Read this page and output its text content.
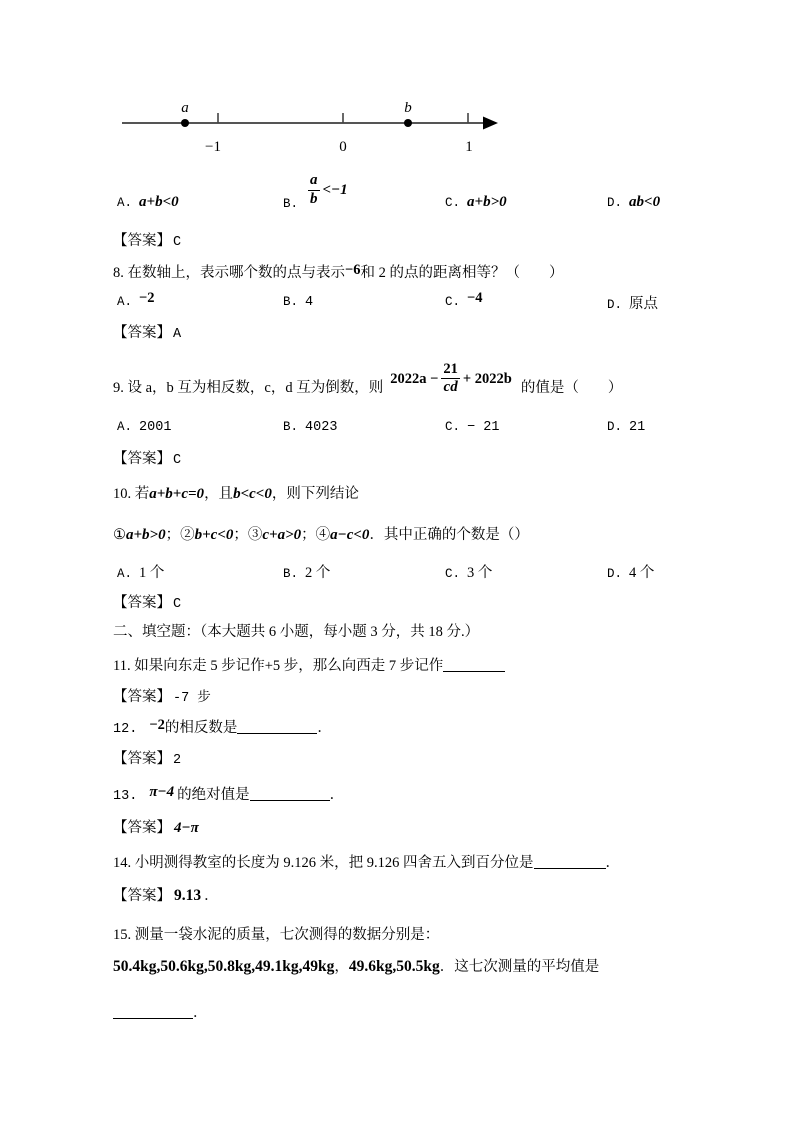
a	b
−1	0	1
A. a+b<0	B. $\frac{a}{b} <-1$
C. a+b>0	D. ab<0
【答案】 C
8. 在数轴上，表示哪个数的点与表示−6和 2 的点的距离相等？（　　）
A. −2	B. 4	C. −4	D. 原点
【答案】 A
9. 设 a，b 互为相反数，c，d 互为倒数，则
$2022a - \frac{21}{cd} + 2022b$
的值是（　　）
A. 2001	B. 4023	C. − 21	D. 21
【答案】 C
10. 若a+b+c=0，且b<c<0，则下列结论
①a+b>0；②b+c<0；③c+a>0；④a−c<0．其中正确的个数是（）
A. 1 个	B. 2 个	C. 3 个	D. 4 个
【答案】 C
二、填空题：（本大题共 6 小题，每小题 3 分，共 18 分.）
11. 如果向东走 5 步记作+5 步，那么向西走 7 步记作
【答案】 -7 步
12. −2的相反数是	．
【答案】 2
13. π−4 的绝对值是	．
【答案】 4−π
14. 小明测得教室的长度为 9.126 米，把 9.126 四舍五入到百分位是	．
【答案】 9.13 ．
15. 测量一袋水泥的质量，七次测得的数据分别是：
50.4kg,50.6kg,50.8kg,49.1kg,49kg，49.6kg,50.5kg．这七次测量的平均值是
．
